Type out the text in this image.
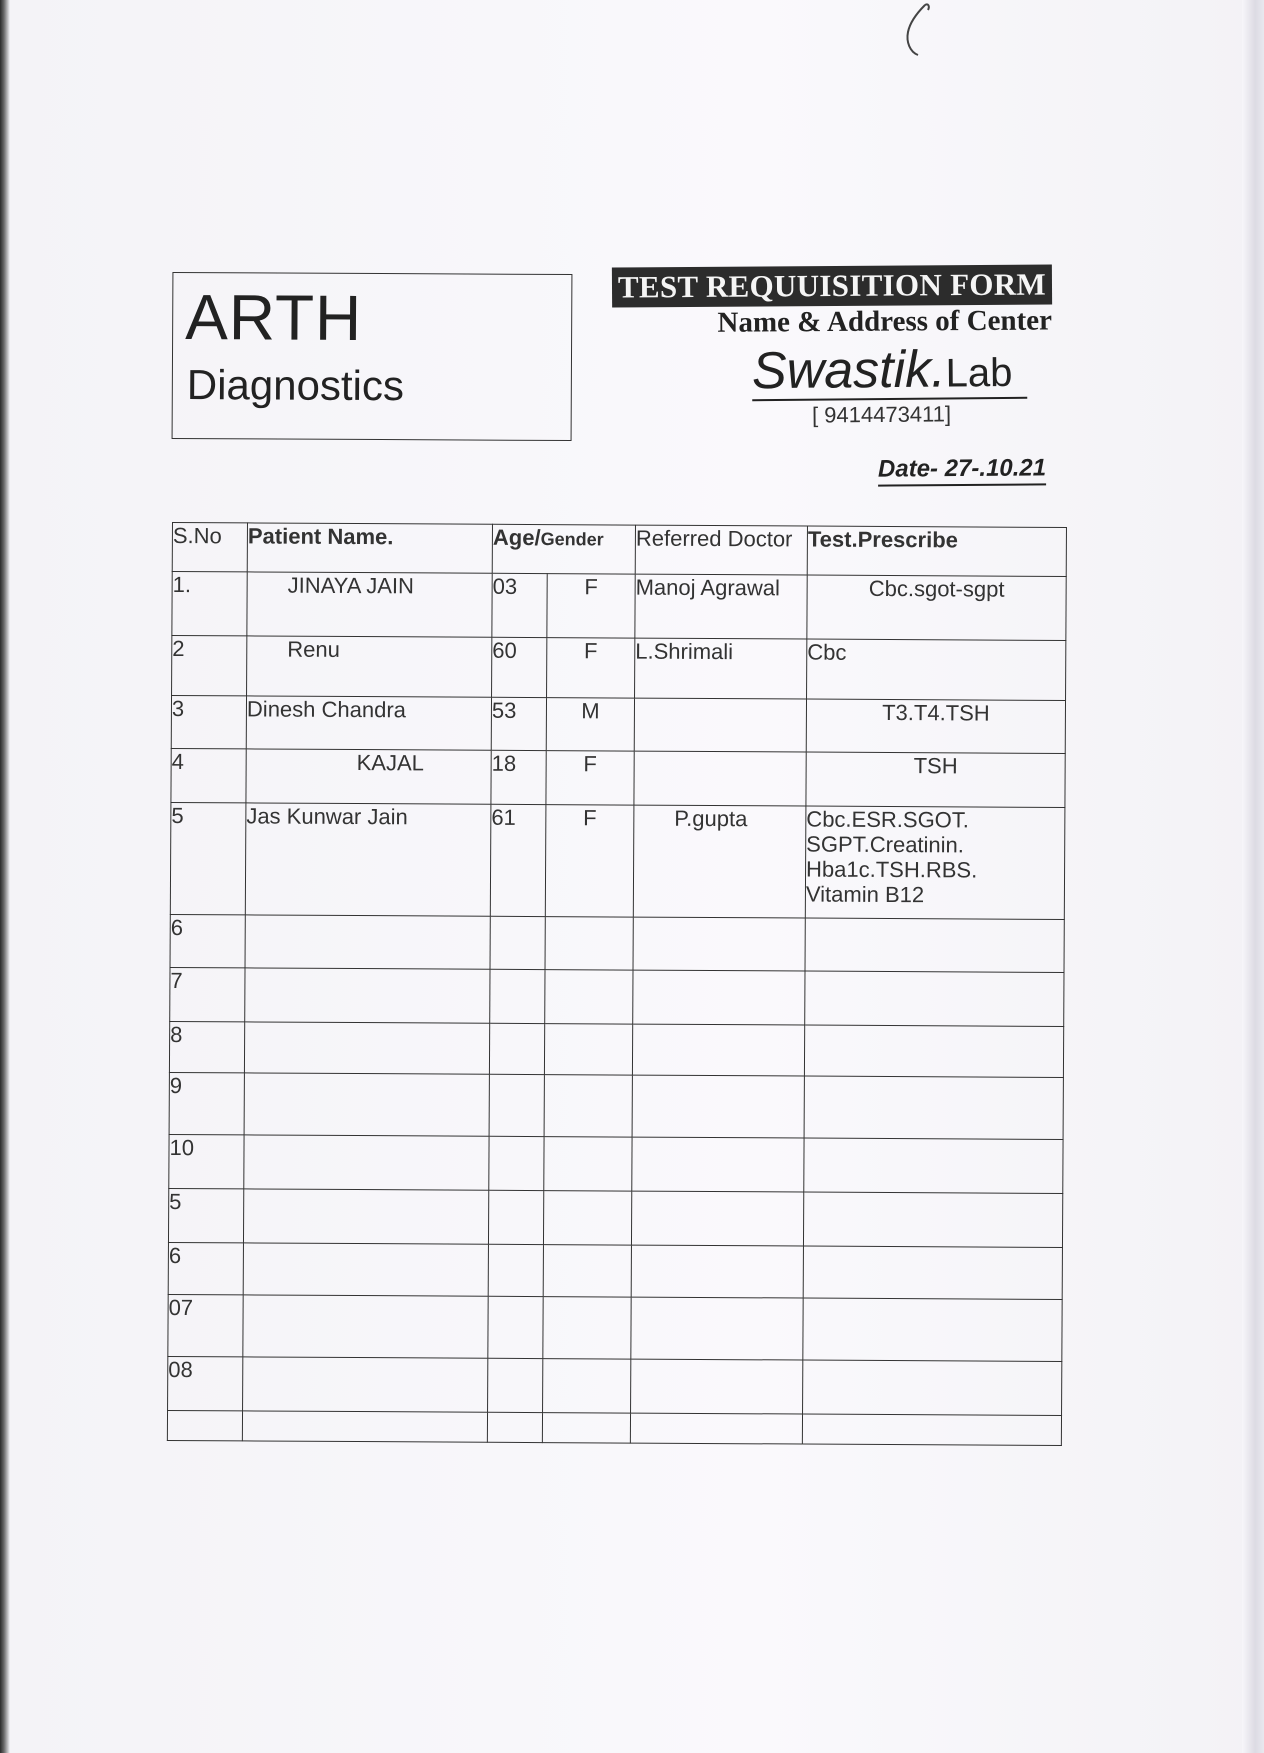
ARTH
Diagnostics
TEST REQUUISITION FORM
Name & Address of Center
Swastik.Lab
[ 9414473411]
Date- 27-.10.21
S.No	Patient Name.	Age/Gender		Referred Doctor	Test.Prescribe
1.	JINAYA JAIN	03	F	Manoj Agrawal	Cbc.sgot-sgpt

2	Renu	60	F	L.Shrimali	Cbc

3	Dinesh Chandra	53	M		T3.T4.TSH

4	KAJAL	18	F		TSH

5	Jas Kunwar Jain	61	F	P.gupta	Cbc.ESR.SGOT.
SGPT.Creatinin.
Hba1c.TSH.RBS.
Vitamin B12

6					
7					
8					
9					
10					
5					
6					
07					
08					
